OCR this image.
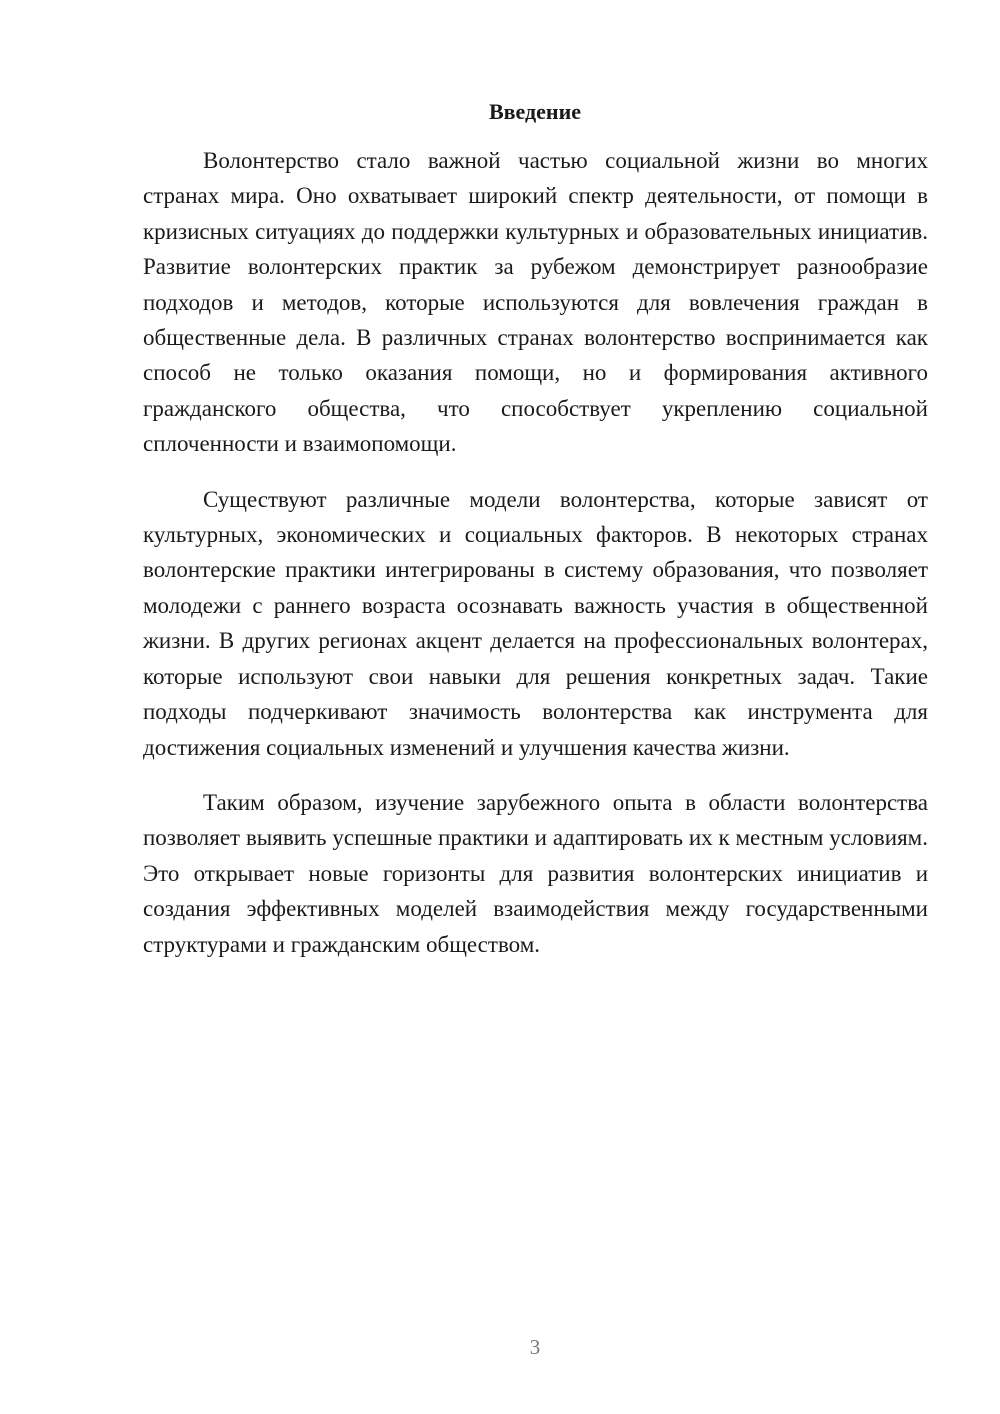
Введение

Волонтерство стало важной частью социальной жизни во многих странах мира. Оно охватывает широкий спектр деятельности, от помощи в кризисных ситуациях до поддержки культурных и образовательных инициатив. Развитие волонтерских практик за рубежом демонстрирует разнообразие подходов и методов, которые используются для вовлечения граждан в общественные дела. В различных странах волонтерство воспринимается как способ не только оказания помощи, но и формирования активного гражданского общества, что способствует укреплению социальной сплоченности и взаимопомощи.

Существуют различные модели волонтерства, которые зависят от культурных, экономических и социальных факторов. В некоторых странах волонтерские практики интегрированы в систему образования, что позволяет молодежи с раннего возраста осознавать важность участия в общественной жизни. В других регионах акцент делается на профессиональных волонтерах, которые используют свои навыки для решения конкретных задач. Такие подходы подчеркивают значимость волонтерства как инструмента для достижения социальных изменений и улучшения качества жизни.

Таким образом, изучение зарубежного опыта в области волонтерства позволяет выявить успешные практики и адаптировать их к местным условиям. Это открывает новые горизонты для развития волонтерских инициатив и создания эффективных моделей взаимодействия между государственными структурами и гражданским обществом.

3
